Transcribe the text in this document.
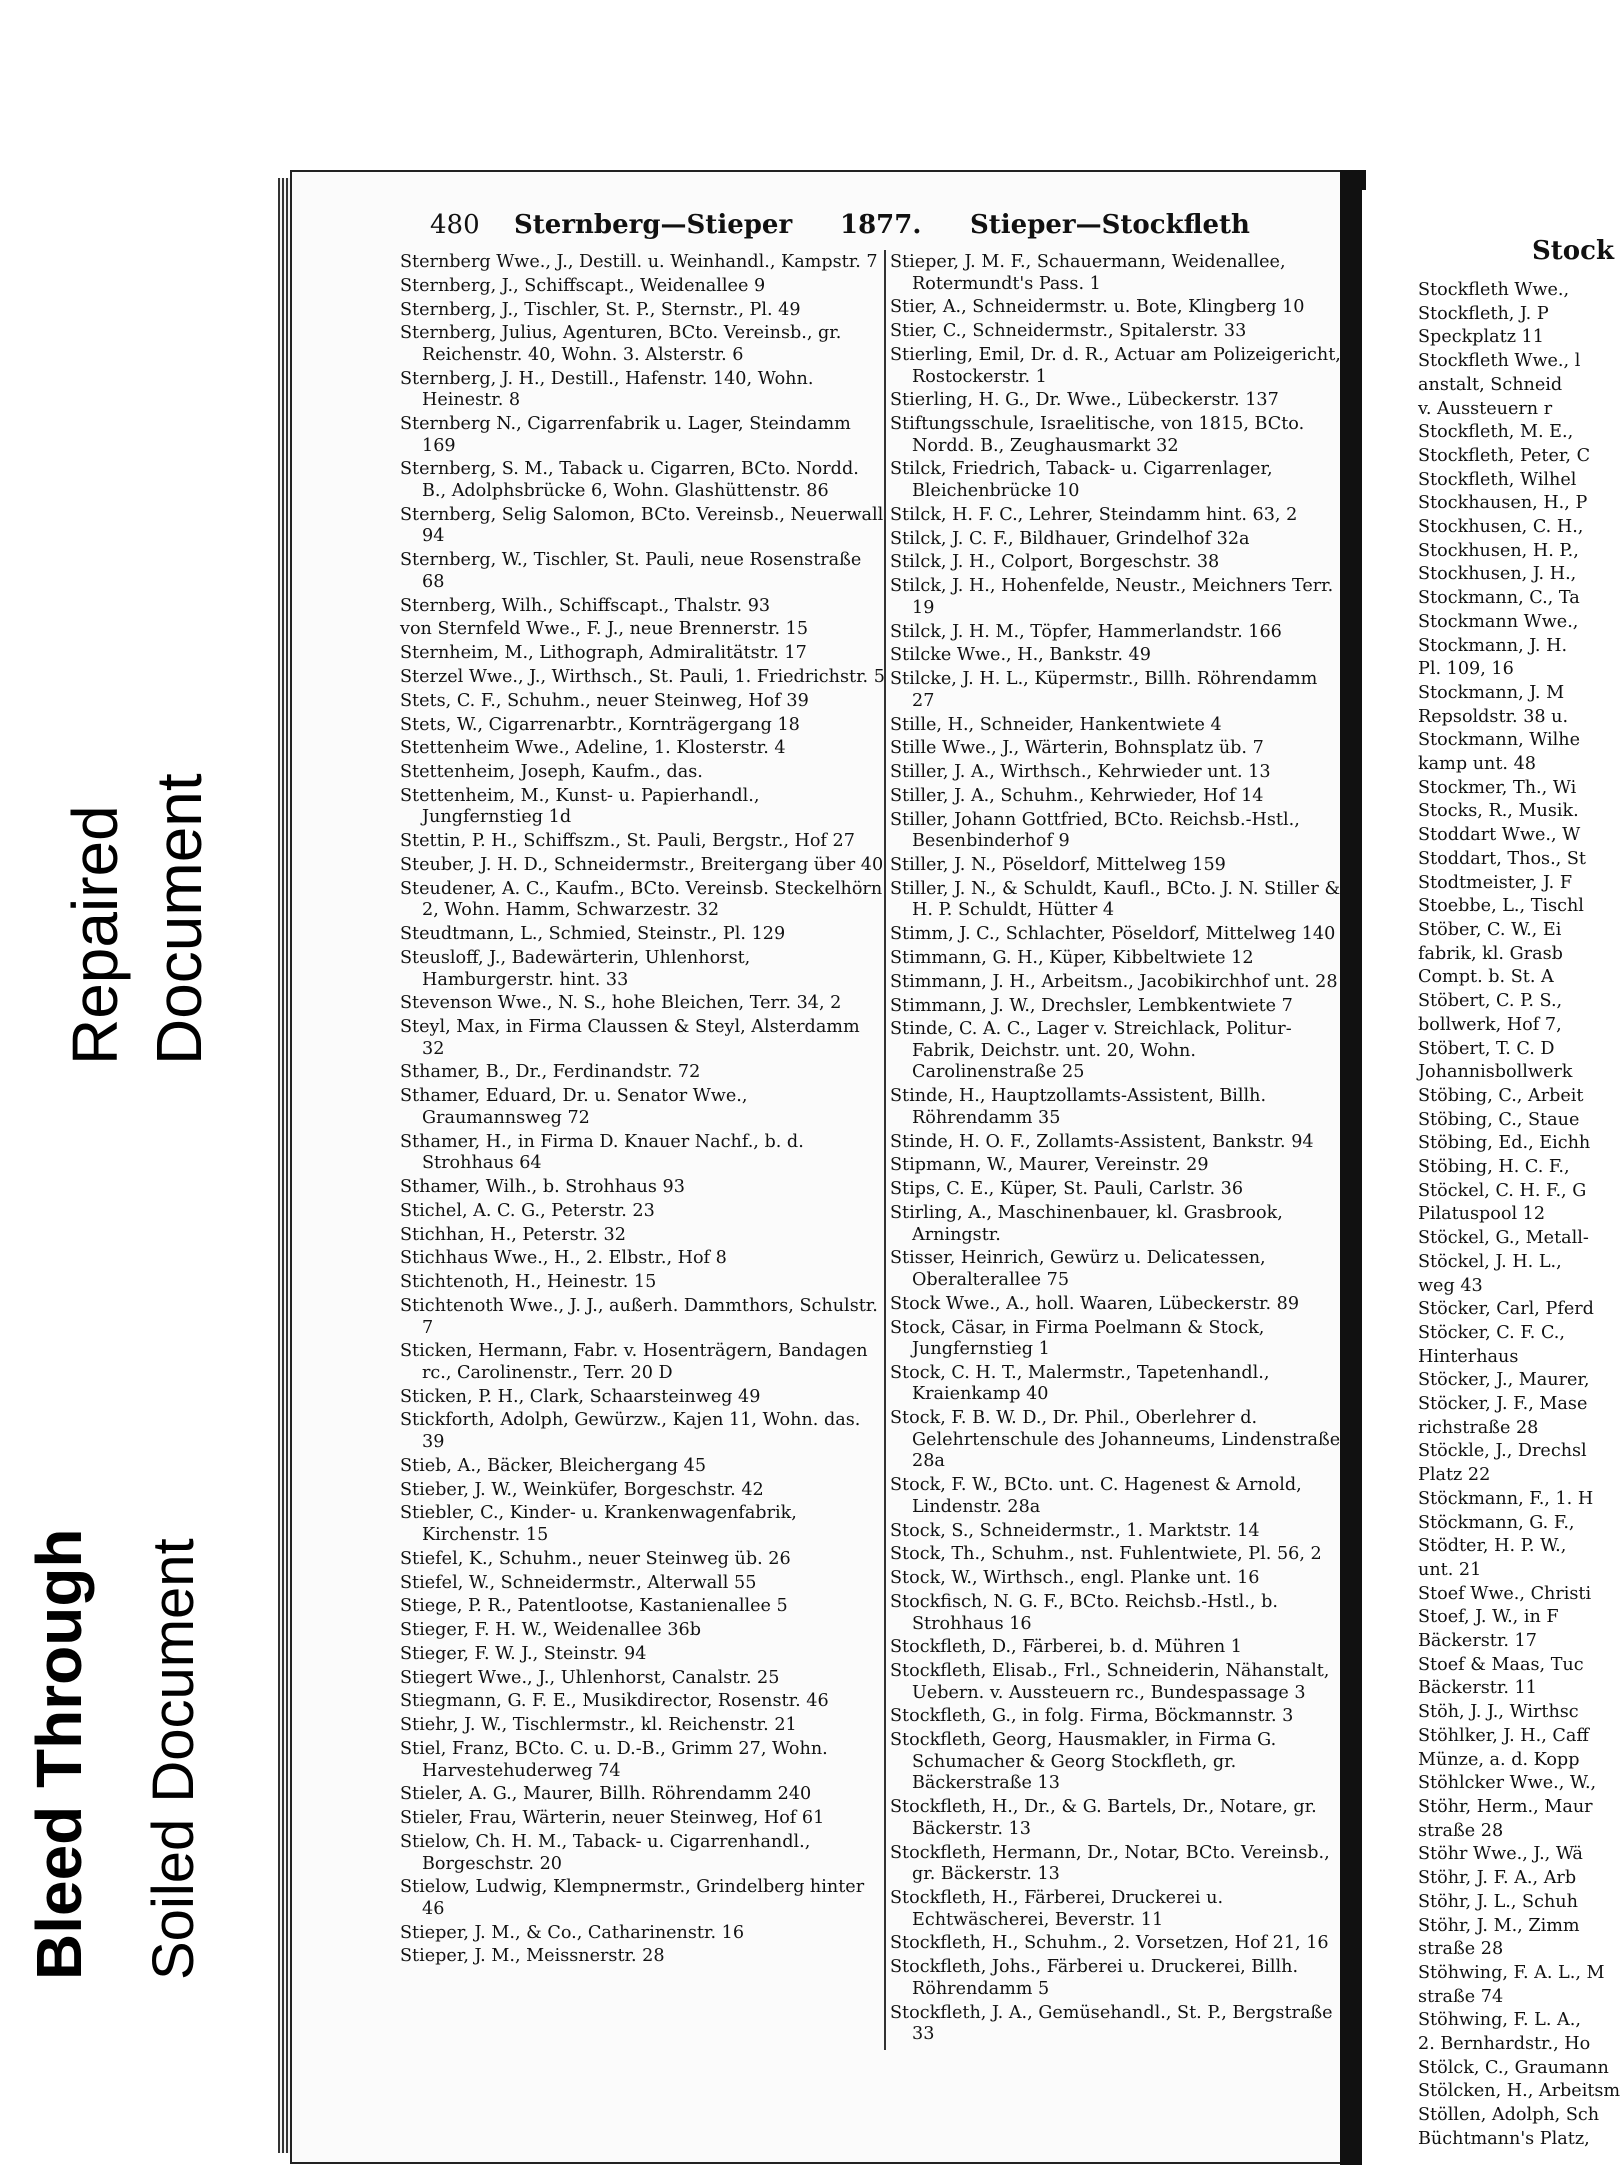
Repaired Document
Bleed Through Soiled Document
480 Sternberg—Stieper 1877. Stieper—Stockfleth
Stock
Sternberg Wwe., J., Destill. u. Weinhandl., Kampstr. 7
Sternberg, J., Schiffscapt., Weidenallee 9
Sternberg, J., Tischler, St. P., Sternstr., Pl. 49
Sternberg, Julius, Agenturen, BCto. Vereinsb., gr. Reichenstr. 40, Wohn. 3. Alsterstr. 6
Sternberg, J. H., Destill., Hafenstr. 140, Wohn. Heinestr. 8
Sternberg N., Cigarrenfabrik u. Lager, Steindamm 169
Sternberg, S. M., Taback u. Cigarren, BCto. Nordd. B., Adolphsbrücke 6, Wohn. Glashüttenstr. 86
Sternberg, Selig Salomon, BCto. Vereinsb., Neuerwall 94
Sternberg, W., Tischler, St. Pauli, neue Rosenstraße 68
Sternberg, Wilh., Schiffscapt., Thalstr. 93
von Sternfeld Wwe., F. J., neue Brennerstr. 15
Sternheim, M., Lithograph, Admiralitätstr. 17
Sterzel Wwe., J., Wirthsch., St. Pauli, 1. Friedrichstr. 5
Stets, C. F., Schuhm., neuer Steinweg, Hof 39
Stets, W., Cigarrenarbtr., Kornträgergang 18
Stettenheim Wwe., Adeline, 1. Klosterstr. 4
Stettenheim, Joseph, Kaufm., das.
Stettenheim, M., Kunst- u. Papierhandl., Jungfernstieg 1d
Stettin, P. H., Schiffszm., St. Pauli, Bergstr., Hof 27
Steuber, J. H. D., Schneidermstr., Breitergang über 40
Steudener, A. C., Kaufm., BCto. Vereinsb. Steckelhörn 2, Wohn. Hamm, Schwarzestr. 32
Steudtmann, L., Schmied, Steinstr., Pl. 129
Steusloff, J., Badewärterin, Uhlenhorst, Hamburgerstr. hint. 33
Stevenson Wwe., N. S., hohe Bleichen, Terr. 34, 2
Steyl, Max, in Firma Claussen & Steyl, Alsterdamm 32
Sthamer, B., Dr., Ferdinandstr. 72
Sthamer, Eduard, Dr. u. Senator Wwe., Graumannsweg 72
Sthamer, H., in Firma D. Knauer Nachf., b. d. Strohhaus 64
Sthamer, Wilh., b. Strohhaus 93
Stichel, A. C. G., Peterstr. 23
Stichhan, H., Peterstr. 32
Stichhaus Wwe., H., 2. Elbstr., Hof 8
Stichtenoth, H., Heinestr. 15
Stichtenoth Wwe., J. J., außerh. Dammthors, Schulstr. 7
Sticken, Hermann, Fabr. v. Hosenträgern, Bandagen rc., Carolinenstr., Terr. 20 D
Sticken, P. H., Clark, Schaarsteinweg 49
Stickforth, Adolph, Gewürzw., Kajen 11, Wohn. das. 39
Stieb, A., Bäcker, Bleichergang 45
Stieber, J. W., Weinküfer, Borgeschstr. 42
Stiebler, C., Kinder- u. Krankenwagenfabrik, Kirchenstr. 15
Stiefel, K., Schuhm., neuer Steinweg üb. 26
Stiefel, W., Schneidermstr., Alterwall 55
Stiege, P. R., Patentlootse, Kastanienallee 5
Stieger, F. H. W., Weidenallee 36b
Stieger, F. W. J., Steinstr. 94
Stiegert Wwe., J., Uhlenhorst, Canalstr. 25
Stiegmann, G. F. E., Musikdirector, Rosenstr. 46
Stiehr, J. W., Tischlermstr., kl. Reichenstr. 21
Stiel, Franz, BCto. C. u. D.-B., Grimm 27, Wohn. Harvestehuderweg 74
Stieler, A. G., Maurer, Billh. Röhrendamm 240
Stieler, Frau, Wärterin, neuer Steinweg, Hof 61
Stielow, Ch. H. M., Taback- u. Cigarrenhandl., Borgeschstr. 20
Stielow, Ludwig, Klempnermstr., Grindelberg hinter 46
Stieper, J. M., & Co., Catharinenstr. 16
Stieper, J. M., Meissnerstr. 28
Stieper, J. M. F., Schauermann, Weidenallee, Rotermundt's Pass. 1
Stier, A., Schneidermstr. u. Bote, Klingberg 10
Stier, C., Schneidermstr., Spitalerstr. 33
Stierling, Emil, Dr. d. R., Actuar am Polizeigericht, Rostockerstr. 1
Stierling, H. G., Dr. Wwe., Lübeckerstr. 137
Stiftungsschule, Israelitische, von 1815, BCto. Nordd. B., Zeughausmarkt 32
Stilck, Friedrich, Taback- u. Cigarrenlager, Bleichenbrücke 10
Stilck, H. F. C., Lehrer, Steindamm hint. 63, 2
Stilck, J. C. F., Bildhauer, Grindelhof 32a
Stilck, J. H., Colport, Borgeschstr. 38
Stilck, J. H., Hohenfelde, Neustr., Meichners Terr. 19
Stilck, J. H. M., Töpfer, Hammerlandstr. 166
Stilcke Wwe., H., Bankstr. 49
Stilcke, J. H. L., Küpermstr., Billh. Röhrendamm 27
Stille, H., Schneider, Hankentwiete 4
Stille Wwe., J., Wärterin, Bohnsplatz üb. 7
Stiller, J. A., Wirthsch., Kehrwieder unt. 13
Stiller, J. A., Schuhm., Kehrwieder, Hof 14
Stiller, Johann Gottfried, BCto. Reichsb.-Hstl., Besenbinderhof 9
Stiller, J. N., Pöseldorf, Mittelweg 159
Stiller, J. N., & Schuldt, Kaufl., BCto. J. N. Stiller & H. P. Schuldt, Hütter 4
Stimm, J. C., Schlachter, Pöseldorf, Mittelweg 140
Stimmann, G. H., Küper, Kibbeltwiete 12
Stimmann, J. H., Arbeitsm., Jacobikirchhof unt. 28
Stimmann, J. W., Drechsler, Lembkentwiete 7
Stinde, C. A. C., Lager v. Streichlack, Politur-Fabrik, Deichstr. unt. 20, Wohn. Carolinenstraße 25
Stinde, H., Hauptzollamts-Assistent, Billh. Röhrendamm 35
Stinde, H. O. F., Zollamts-Assistent, Bankstr. 94
Stipmann, W., Maurer, Vereinstr. 29
Stips, C. E., Küper, St. Pauli, Carlstr. 36
Stirling, A., Maschinenbauer, kl. Grasbrook, Arningstr.
Stisser, Heinrich, Gewürz u. Delicatessen, Oberalterallee 75
Stock Wwe., A., holl. Waaren, Lübeckerstr. 89
Stock, Cäsar, in Firma Poelmann & Stock, Jungfernstieg 1
Stock, C. H. T., Malermstr., Tapetenhandl., Kraienkamp 40
Stock, F. B. W. D., Dr. Phil., Oberlehrer d. Gelehrtenschule des Johanneums, Lindenstraße 28a
Stock, F. W., BCto. unt. C. Hagenest & Arnold, Lindenstr. 28a
Stock, S., Schneidermstr., 1. Marktstr. 14
Stock, Th., Schuhm., nst. Fuhlentwiete, Pl. 56, 2
Stock, W., Wirthsch., engl. Planke unt. 16
Stockfisch, N. G. F., BCto. Reichsb.-Hstl., b. Strohhaus 16
Stockfleth, D., Färberei, b. d. Mühren 1
Stockfleth, Elisab., Frl., Schneiderin, Nähanstalt, Uebern. v. Aussteuern rc., Bundespassage 3
Stockfleth, G., in folg. Firma, Böckmannstr. 3
Stockfleth, Georg, Hausmakler, in Firma G. Schumacher & Georg Stockfleth, gr. Bäckerstraße 13
Stockfleth, H., Dr., & G. Bartels, Dr., Notare, gr. Bäckerstr. 13
Stockfleth, Hermann, Dr., Notar, BCto. Vereinsb., gr. Bäckerstr. 13
Stockfleth, H., Färberei, Druckerei u. Echtwäscherei, Beverstr. 11
Stockfleth, H., Schuhm., 2. Vorsetzen, Hof 21, 16
Stockfleth, Johs., Färberei u. Druckerei, Billh. Röhrendamm 5
Stockfleth, J. A., Gemüsehandl., St. P., Bergstraße 33
Stockfleth Wwe.,
Stockfleth, J. P
Speckplatz 11
Stockfleth Wwe., l
anstalt, Schneid
v. Aussteuern r
Stockfleth, M. E.,
Stockfleth, Peter, C
Stockfleth, Wilhel
Stockhausen, H., P
Stockhusen, C. H.,
Stockhusen, H. P.,
Stockhusen, J. H.,
Stockmann, C., Ta
Stockmann Wwe.,
Stockmann, J. H.
Pl. 109, 16
Stockmann, J. M
Repsoldstr. 38 u.
Stockmann, Wilhe
kamp unt. 48
Stockmer, Th., Wi
Stocks, R., Musik.
Stoddart Wwe., W
Stoddart, Thos., St
Stodtmeister, J. F
Stoebbe, L., Tischl
Stöber, C. W., Ei
fabrik, kl. Grasb
Compt. b. St. A
Stöbert, C. P. S.,
bollwerk, Hof 7,
Stöbert, T. C. D
Johannisbollwerk
Stöbing, C., Arbeit
Stöbing, C., Staue
Stöbing, Ed., Eichh
Stöbing, H. C. F.,
Stöckel, C. H. F., G
Pilatuspool 12
Stöckel, G., Metall-
Stöckel, J. H. L.,
weg 43
Stöcker, Carl, Pferd
Stöcker, C. F. C.,
Hinterhaus
Stöcker, J., Maurer,
Stöcker, J. F., Mase
richstraße 28
Stöckle, J., Drechsl
Platz 22
Stöckmann, F., 1. H
Stöckmann, G. F.,
Stödter, H. P. W.,
unt. 21
Stoef Wwe., Christi
Stoef, J. W., in F
Bäckerstr. 17
Stoef & Maas, Tuc
Bäckerstr. 11
Stöh, J. J., Wirthsc
Stöhlker, J. H., Caff
Münze, a. d. Kopp
Stöhlcker Wwe., W.,
Stöhr, Herm., Maur
straße 28
Stöhr Wwe., J., Wä
Stöhr, J. F. A., Arb
Stöhr, J. L., Schuh
Stöhr, J. M., Zimm
straße 28
Stöhwing, F. A. L., M
straße 74
Stöhwing, F. L. A.,
2. Bernhardstr., Ho
Stölck, C., Graumann
Stölcken, H., Arbeitsm
Stöllen, Adolph, Sch
Büchtmann's Platz,
